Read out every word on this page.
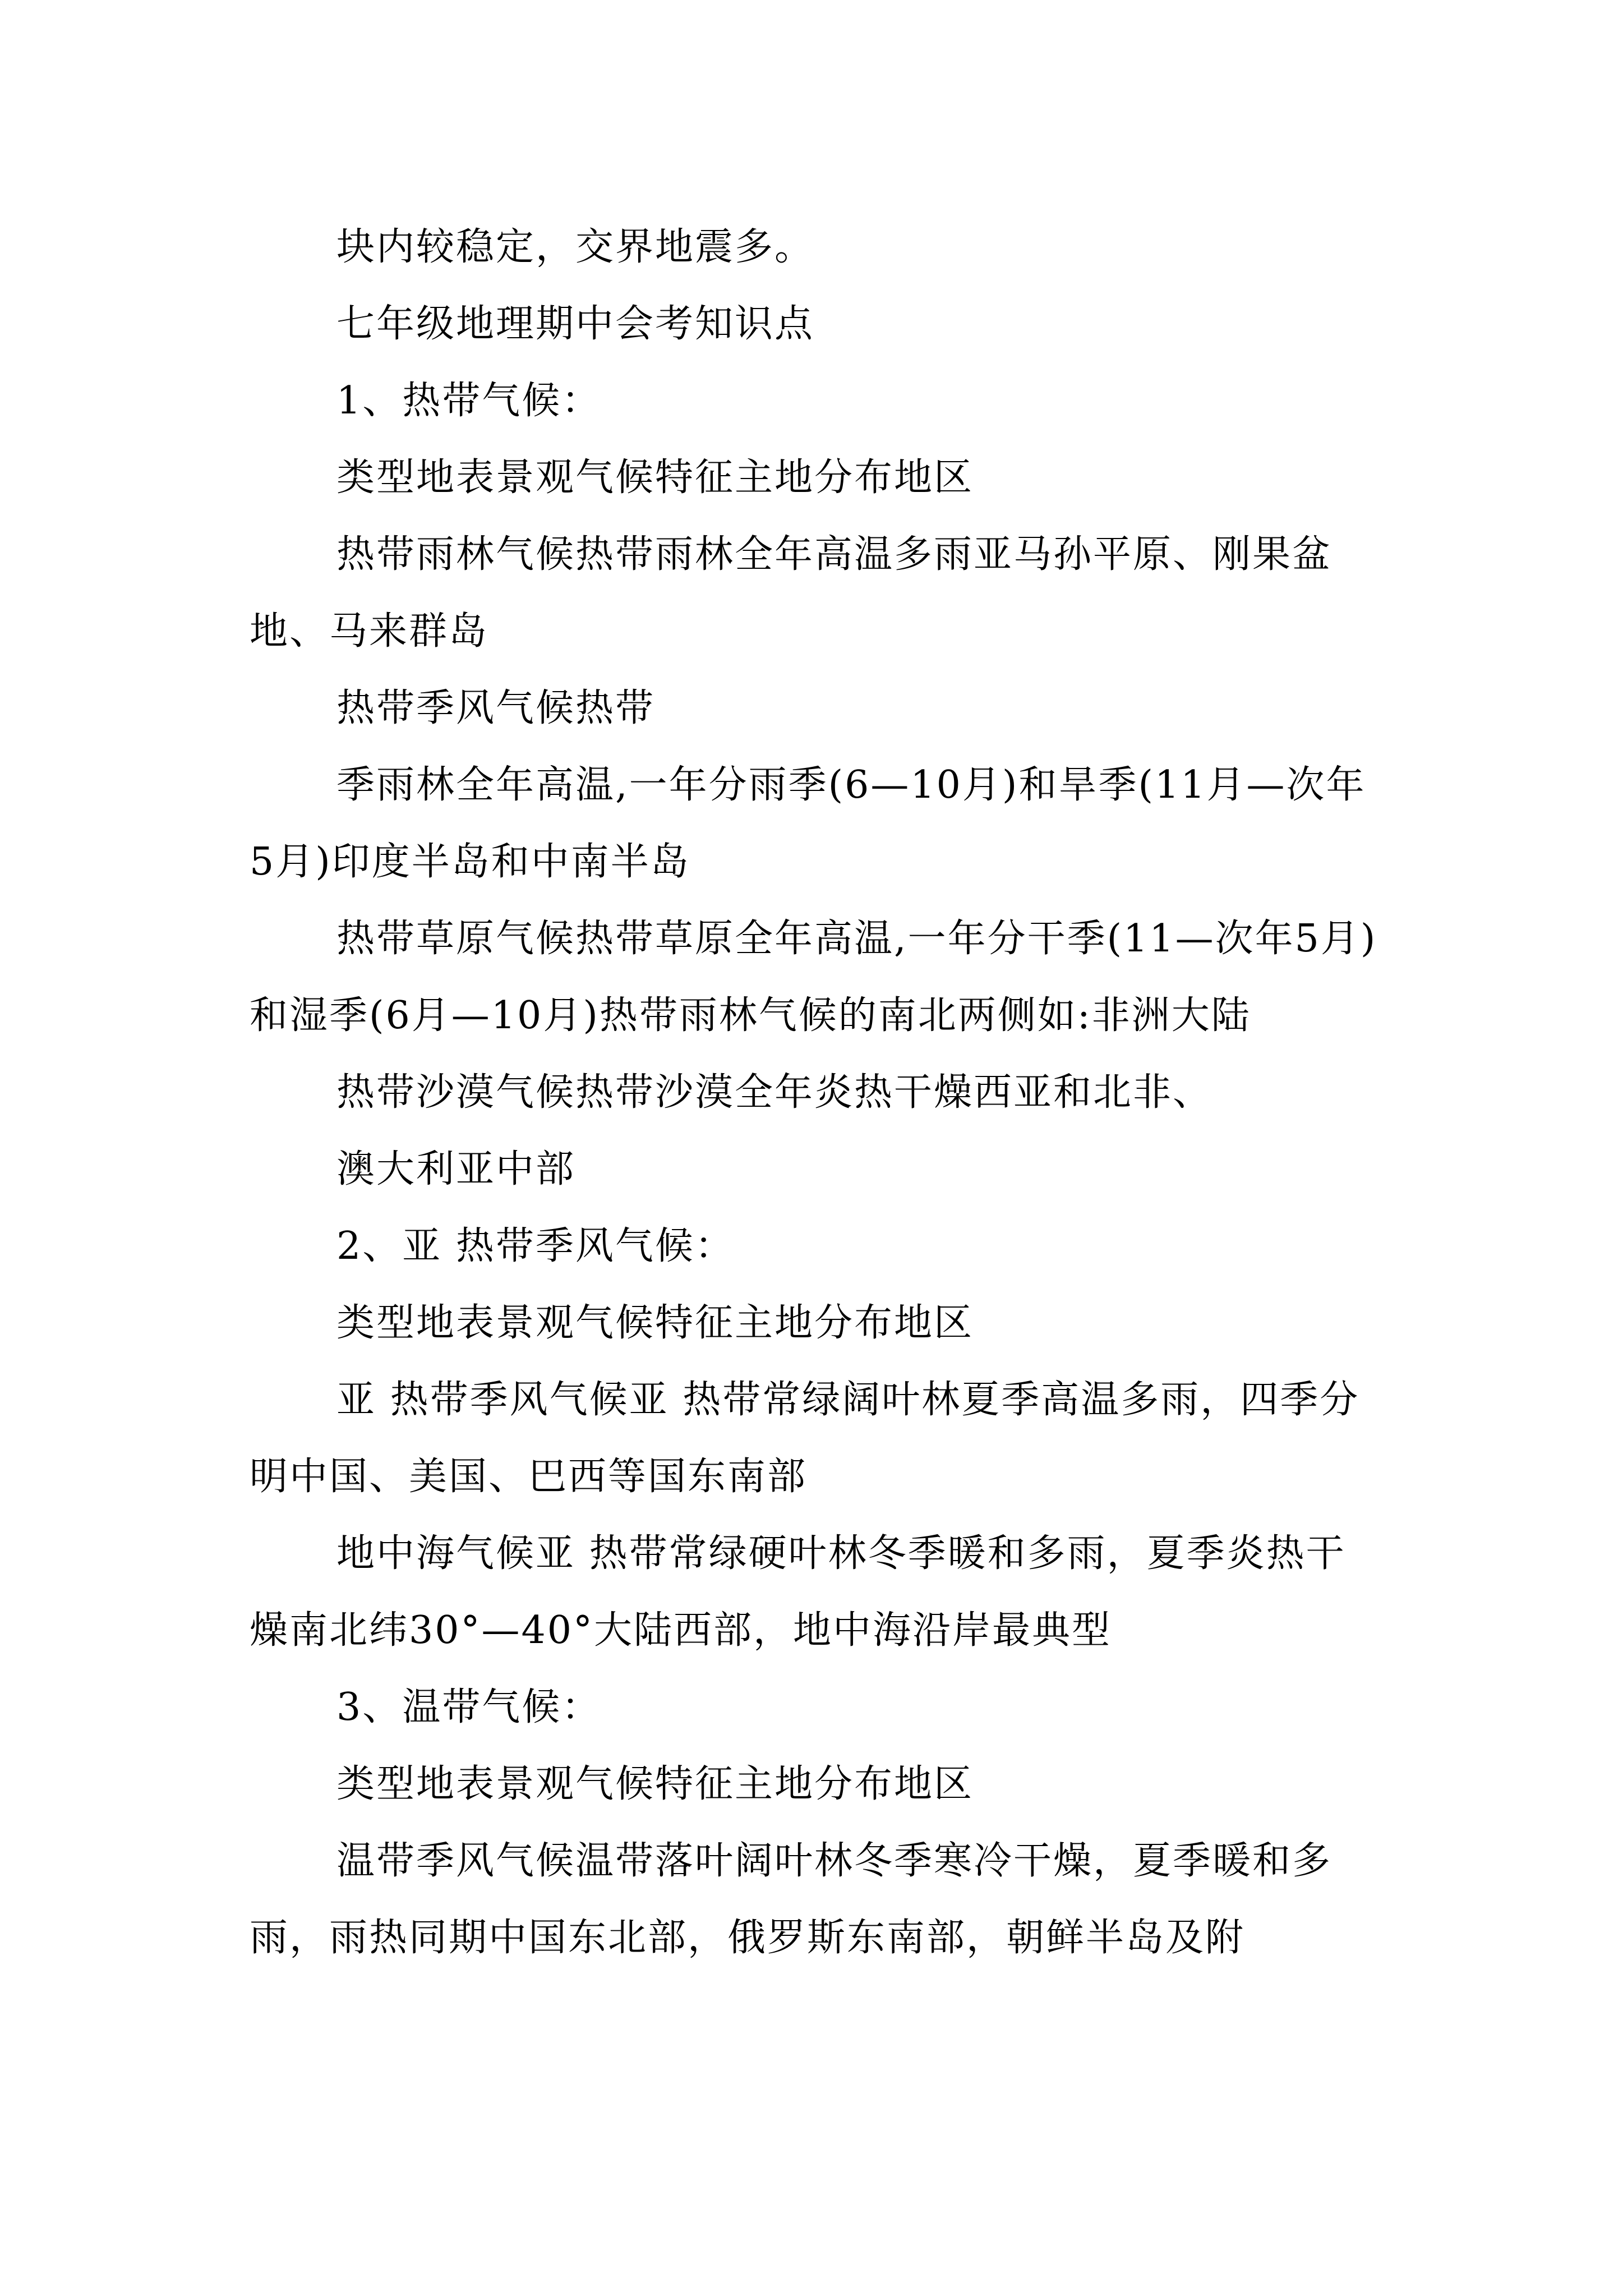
块内较稳定，交界地震多。

七年级地理期中会考知识点

1、热带气候：

类型地表景观气候特征主地分布地区

热带雨林气候热带雨林全年高温多雨亚马孙平原、刚果盆地、马来群岛

热带季风气候热带

季雨林全年高温,一年分雨季(6—10月)和旱季(11月—次年5月)印度半岛和中南半岛

热带草原气候热带草原全年高温,一年分干季(11—次年5月)和湿季(6月—10月)热带雨林气候的南北两侧如:非洲大陆

热带沙漠气候热带沙漠全年炎热干燥西亚和北非、

澳大利亚中部

2、亚 热带季风气候：

类型地表景观气候特征主地分布地区

亚 热带季风气候亚 热带常绿阔叶林夏季高温多雨，四季分明中国、美国、巴西等国东南部

地中海气候亚 热带常绿硬叶林冬季暖和多雨，夏季炎热干燥南北纬30°—40°大陆西部，地中海沿岸最典型

3、温带气候：

类型地表景观气候特征主地分布地区

温带季风气候温带落叶阔叶林冬季寒冷干燥，夏季暖和多雨，雨热同期中国东北部，俄罗斯东南部，朝鲜半岛及附
